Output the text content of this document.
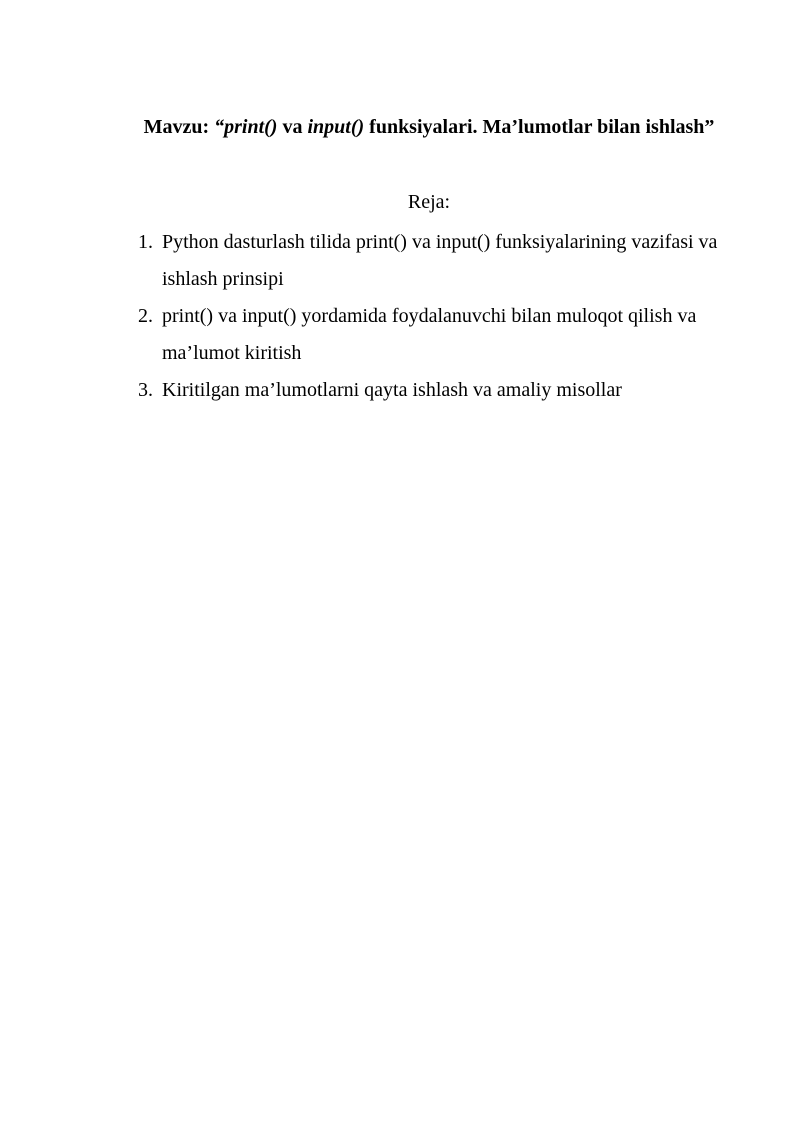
Mavzu: “print() va input() funksiyalari. Ma’lumotlar bilan ishlash”
Reja:
1. Python dasturlash tilida print() va input() funksiyalarining vazifasi va ishlash prinsipi
2. print() va input() yordamida foydalanuvchi bilan muloqot qilish va ma’lumot kiritish
3. Kiritilgan ma’lumotlarni qayta ishlash va amaliy misollar
